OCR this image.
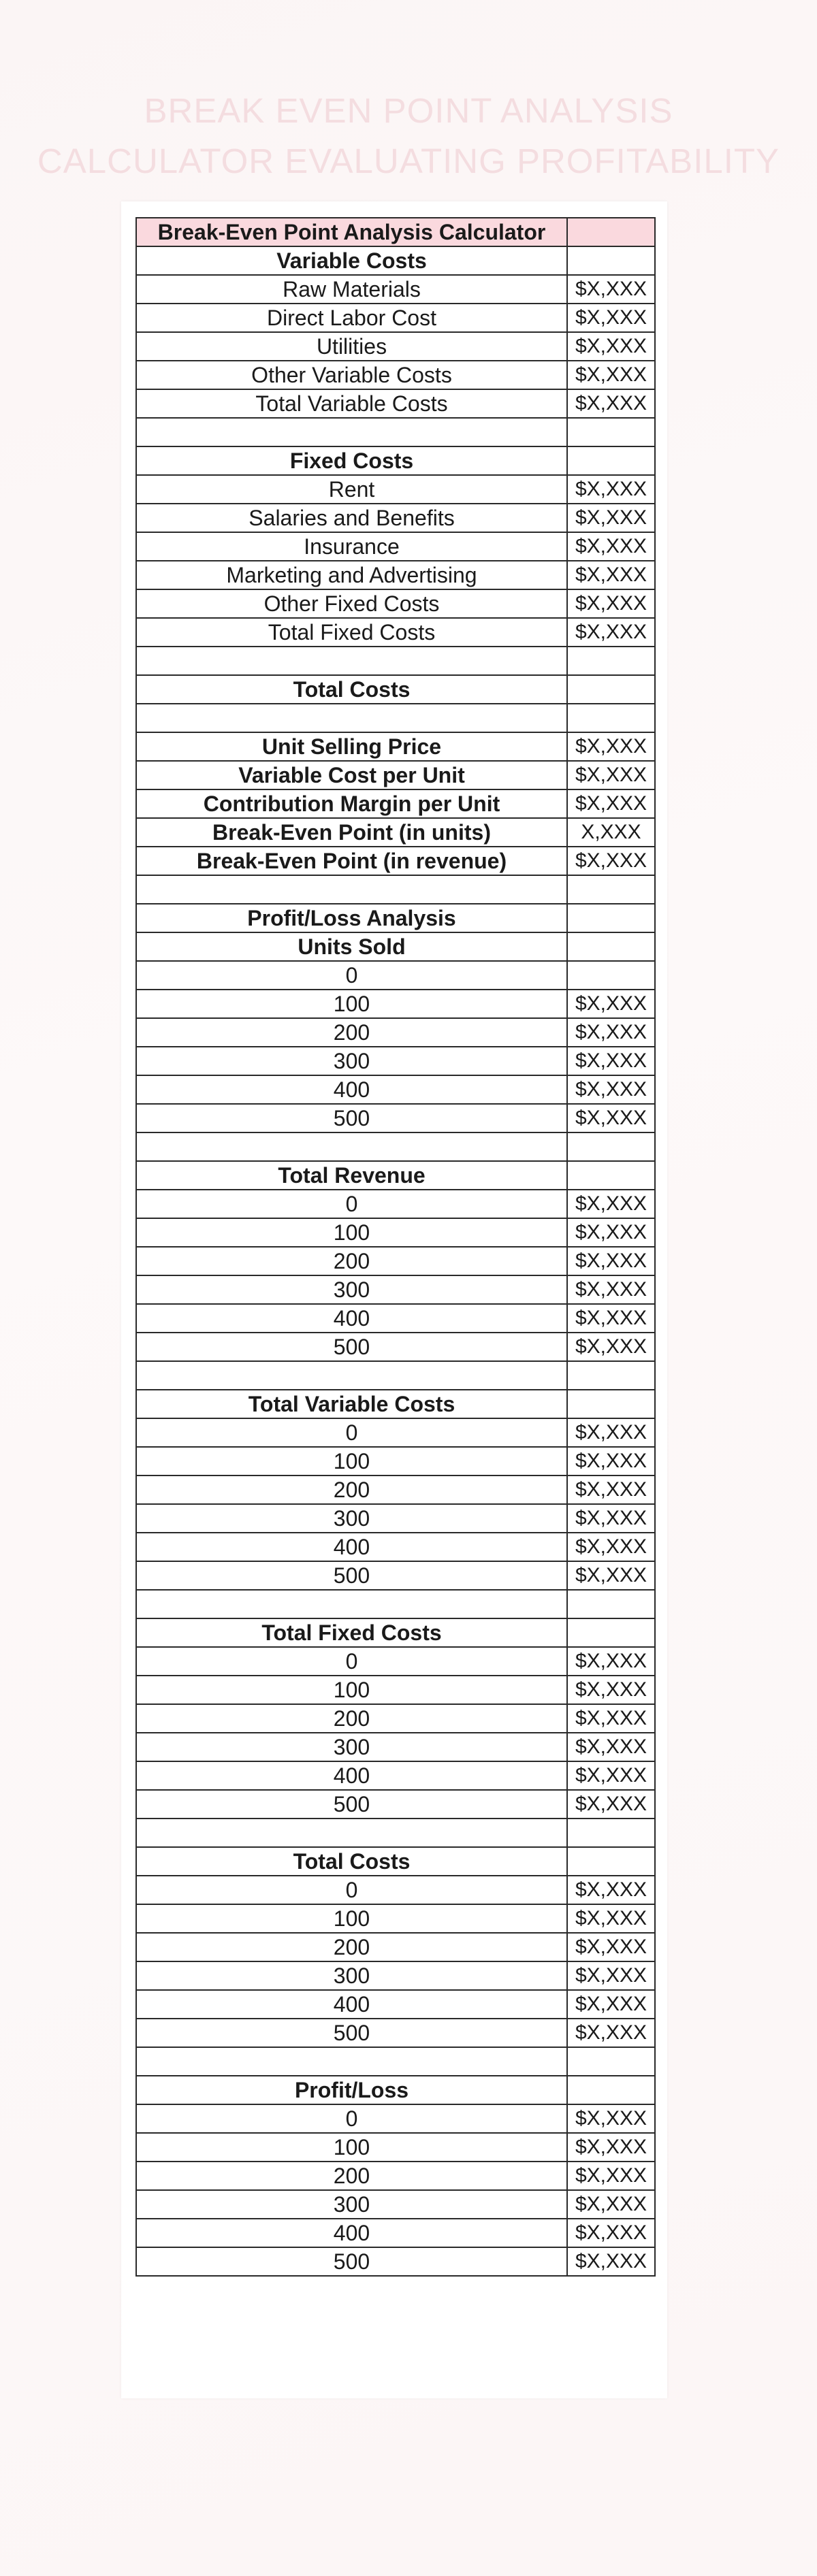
BREAK EVEN POINT ANALYSIS
CALCULATOR EVALUATING PROFITABILITY
Break-Even Point Analysis Calculator	
Variable Costs	
Raw Materials	$X,XXX
Direct Labor Cost	$X,XXX
Utilities	$X,XXX
Other Variable Costs	$X,XXX
Total Variable Costs	$X,XXX

Fixed Costs	
Rent	$X,XXX
Salaries and Benefits	$X,XXX
Insurance	$X,XXX
Marketing and Advertising	$X,XXX
Other Fixed Costs	$X,XXX
Total Fixed Costs	$X,XXX

Total Costs	

Unit Selling Price	$X,XXX
Variable Cost per Unit	$X,XXX
Contribution Margin per Unit	$X,XXX
Break-Even Point (in units)	X,XXX
Break-Even Point (in revenue)	$X,XXX

Profit/Loss Analysis	
Units Sold	
0	
100	$X,XXX
200	$X,XXX
300	$X,XXX
400	$X,XXX
500	$X,XXX

Total Revenue	
0	$X,XXX
100	$X,XXX
200	$X,XXX
300	$X,XXX
400	$X,XXX
500	$X,XXX

Total Variable Costs	
0	$X,XXX
100	$X,XXX
200	$X,XXX
300	$X,XXX
400	$X,XXX
500	$X,XXX

Total Fixed Costs	
0	$X,XXX
100	$X,XXX
200	$X,XXX
300	$X,XXX
400	$X,XXX
500	$X,XXX

Total Costs	
0	$X,XXX
100	$X,XXX
200	$X,XXX
300	$X,XXX
400	$X,XXX
500	$X,XXX

Profit/Loss	
0	$X,XXX
100	$X,XXX
200	$X,XXX
300	$X,XXX
400	$X,XXX
500	$X,XXX
